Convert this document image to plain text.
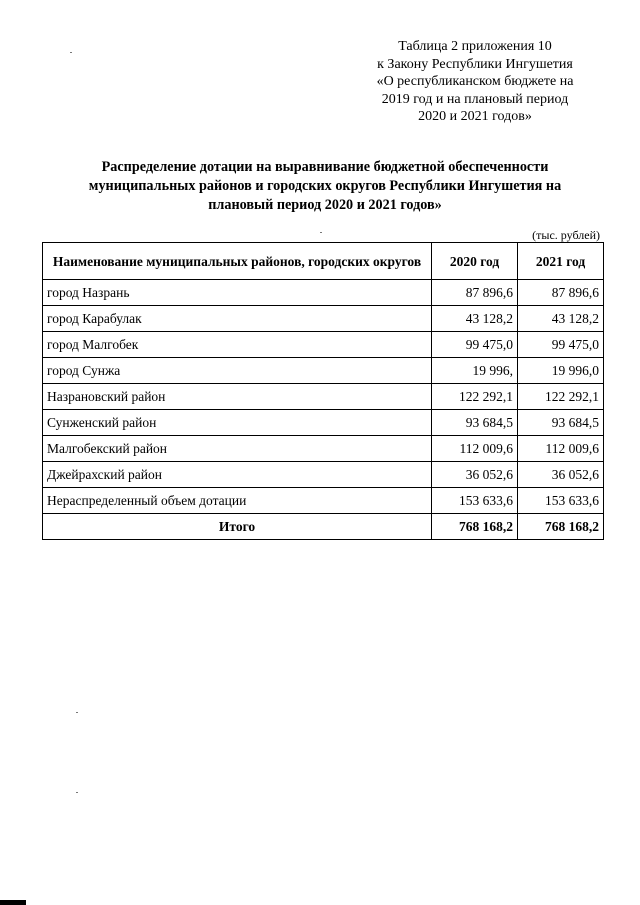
Таблица 2 приложения 10
к Закону Республики Ингушетия
«О республиканском бюджете на
2019 год и на плановый период
2020 и 2021 годов»
Распределение дотации на выравнивание бюджетной обеспеченности
муниципальных районов и городских округов Республики Ингушетия на
плановый период 2020 и 2021 годов»
(тыс. рублей)
Наименование муниципальных районов, городских округов	2020 год	2021 год
город Назрань	87 896,6	87 896,6
город Карабулак	43 128,2	43 128,2
город Малгобек	99 475,0	99 475,0
город Сунжа	19 996,	19 996,0
Назрановский район	122 292,1	122 292,1
Сунженский район	93 684,5	93 684,5
Малгобекский район	112 009,6	112 009,6
Джейрахский район	36 052,6	36 052,6
Нераспределенный объем дотации	153 633,6	153 633,6
Итого	768 168,2	768 168,2
